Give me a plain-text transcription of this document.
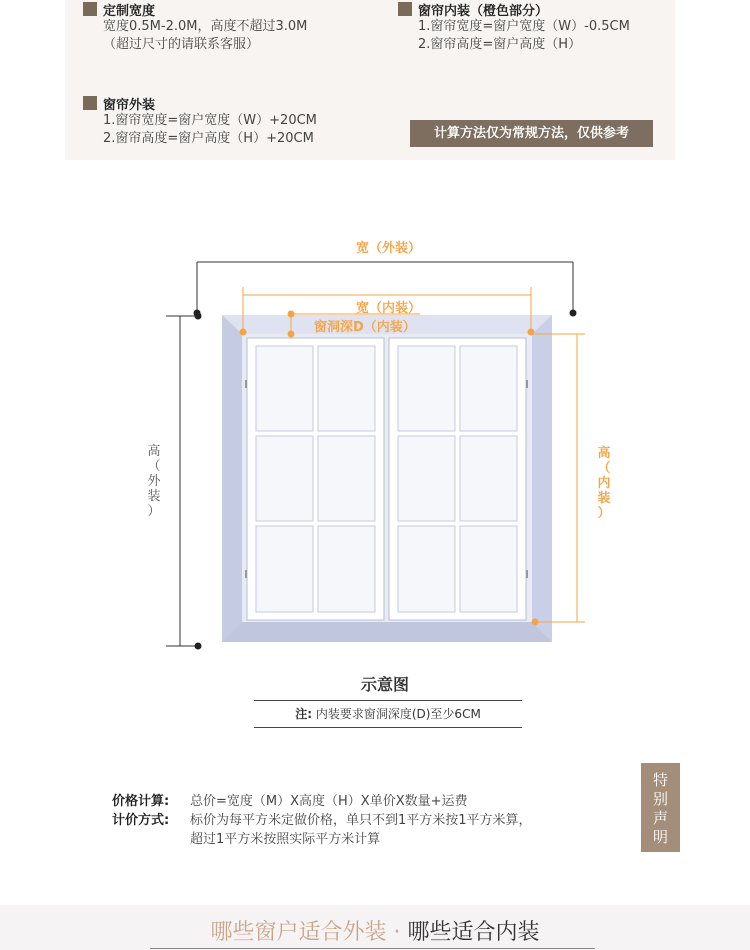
定制宽度
宽度0.5M-2.0M，高度不超过3.0M
（超过尺寸的请联系客服）
窗帘内装（橙色部分）
1.窗帘宽度=窗户宽度（W）-0.5CM
2.窗帘高度=窗户高度（H）
窗帘外装
1.窗帘宽度=窗户宽度（W）+20CM
2.窗帘高度=窗户高度（H）+20CM	计算方法仅为常规方法，仅供参考
宽（外装）
宽（内装）
窗洞深D（内装）
高
（
外
装
）
高
（
内
装
）
示意图
注: 内装要求窗洞深度(D)至少6CM
价格计算:	总价=宽度（M）X高度（H）X单价X数量+运费
计价方式:	标价为每平方米定做价格，单只不到1平方米按1平方米算，
超过1平方米按照实际平方米计算
特
别
声
明
哪些窗户适合外装 · 哪些适合内装
